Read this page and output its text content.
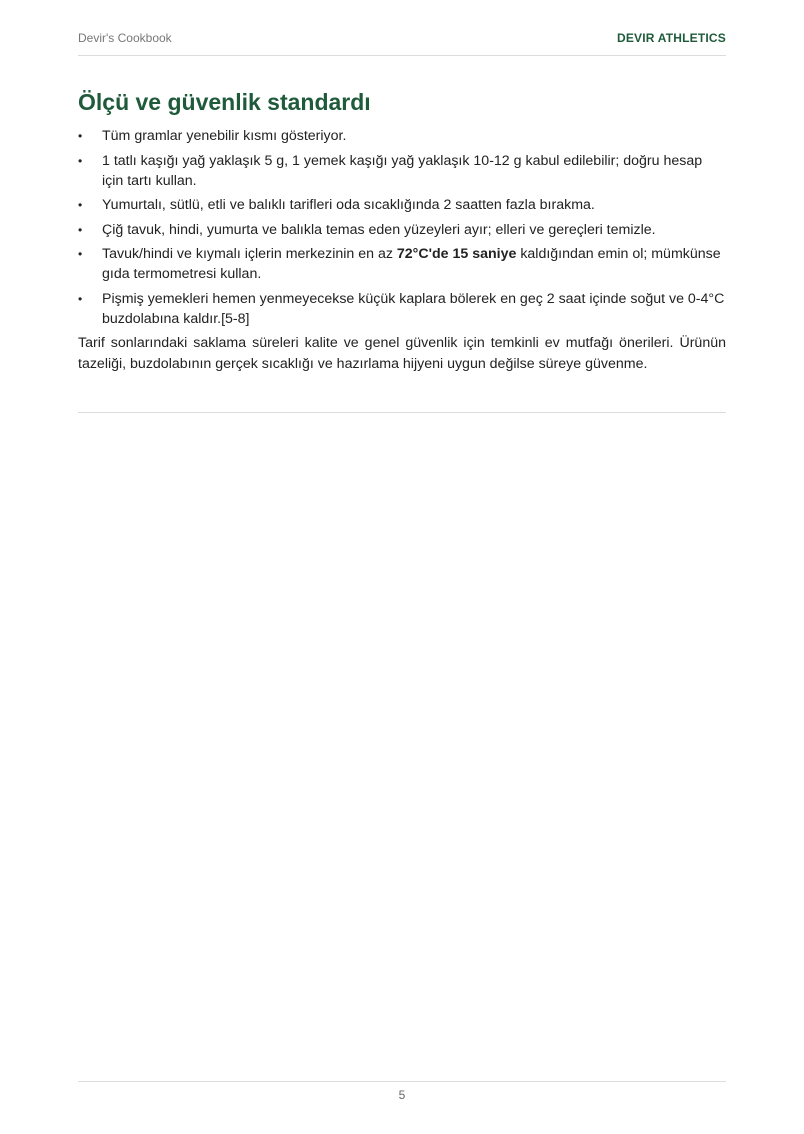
Devir's Cookbook	DEVIR ATHLETICS
Ölçü ve güvenlik standardı
• Tüm gramlar yenebilir kısmı gösteriyor.
• 1 tatlı kaşığı yağ yaklaşık 5 g, 1 yemek kaşığı yağ yaklaşık 10-12 g kabul edilebilir; doğru hesap için tartı kullan.
• Yumurtalı, sütlü, etli ve balıklı tarifleri oda sıcaklığında 2 saatten fazla bırakma.
• Çiğ tavuk, hindi, yumurta ve balıkla temas eden yüzeyleri ayır; elleri ve gereçleri temizle.
• Tavuk/hindi ve kıymalı içlerin merkezinin en az 72°C'de 15 saniye kaldığından emin ol; mümkünse gıda termometresi kullan.
• Pişmiş yemekleri hemen yenmeyecekse küçük kaplara bölerek en geç 2 saat içinde soğut ve 0-4°C buzdolabına kaldır.[5-8]

Tarif sonlarındaki saklama süreleri kalite ve genel güvenlik için temkinli ev mutfağı önerileri. Ürünün tazeliği, buzdolabının gerçek sıcaklığı ve hazırlama hijyeni uygun değilse süreye güvenme.

5
